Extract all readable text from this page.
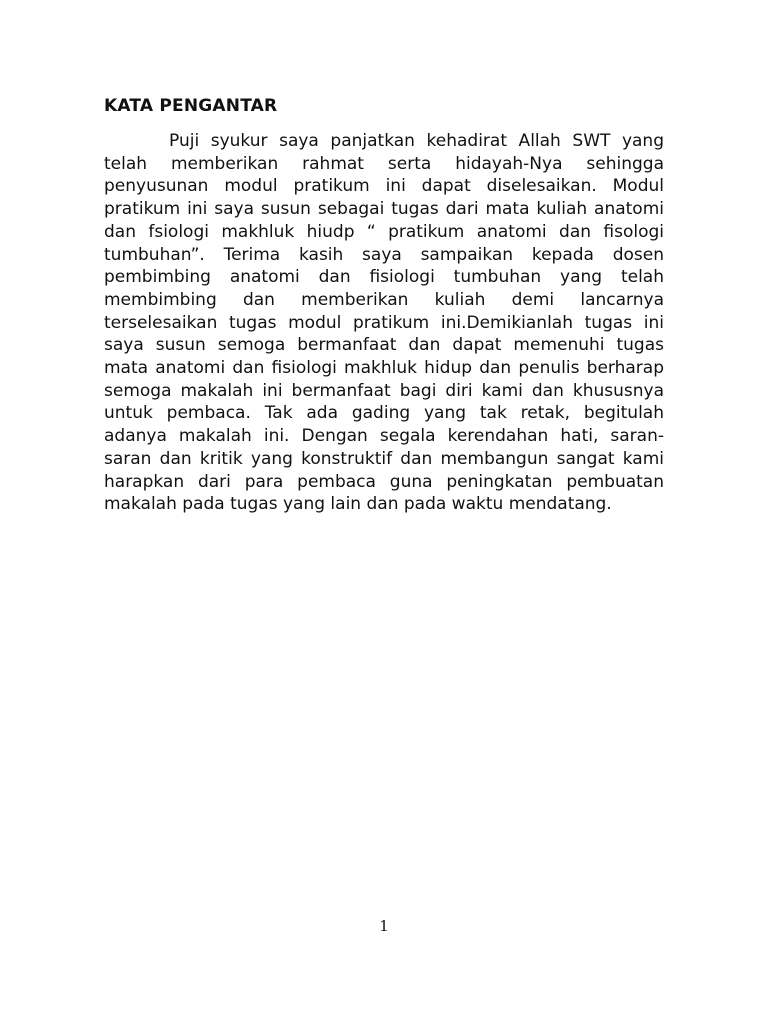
KATA PENGANTAR

Puji syukur saya panjatkan kehadirat Allah SWT yang telah memberikan rahmat serta hidayah-Nya sehingga penyusunan modul pratikum ini dapat diselesaikan. Modul pratikum ini saya susun sebagai tugas dari mata kuliah anatomi dan fsiologi makhluk hiudp “ pratikum anatomi dan fisologi tumbuhan”. Terima kasih saya sampaikan kepada dosen pembimbing anatomi dan fisiologi tumbuhan yang telah membimbing dan memberikan kuliah demi lancarnya terselesaikan tugas modul pratikum ini.Demikianlah tugas ini saya susun semoga bermanfaat dan dapat memenuhi tugas mata anatomi dan fisiologi makhluk hidup dan penulis berharap semoga makalah ini bermanfaat bagi diri kami dan khususnya untuk pembaca. Tak ada gading yang tak retak, begitulah adanya makalah ini. Dengan segala kerendahan hati, saran-saran dan kritik yang konstruktif dan membangun sangat kami harapkan dari para pembaca guna peningkatan pembuatan makalah pada tugas yang lain dan pada waktu mendatang.

1
